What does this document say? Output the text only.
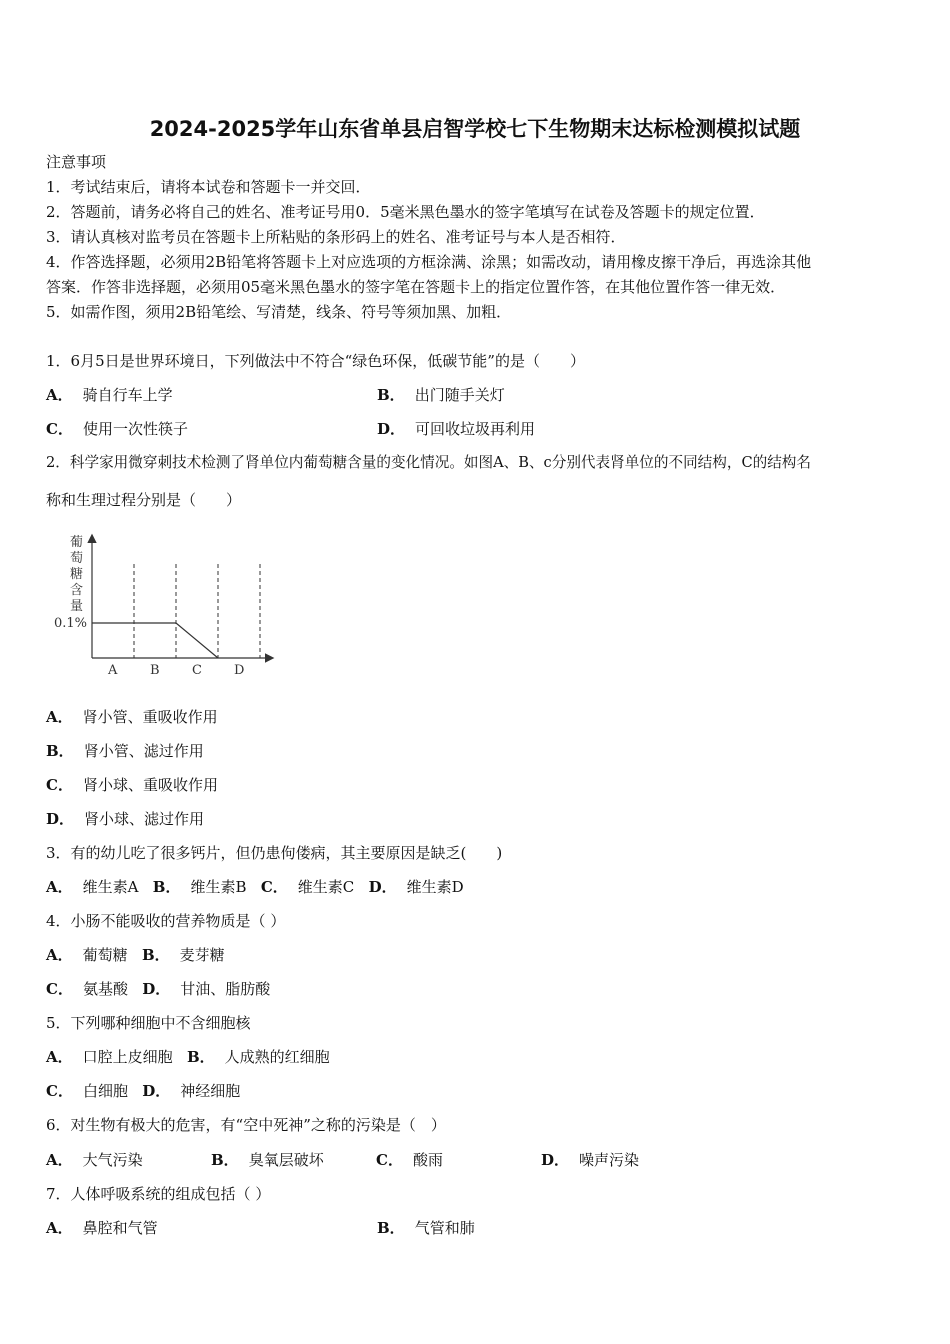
2024-2025学年山东省单县启智学校七下生物期末达标检测模拟试题
注意事项
1．考试结束后，请将本试卷和答题卡一并交回．
2．答题前，请务必将自己的姓名、准考证号用0．5毫米黑色墨水的签字笔填写在试卷及答题卡的规定位置．
3．请认真核对监考员在答题卡上所粘贴的条形码上的姓名、准考证号与本人是否相符．
4．作答选择题，必须用2B铅笔将答题卡上对应选项的方框涂满、涂黑；如需改动，请用橡皮擦干净后，再选涂其他
答案．作答非选择题，必须用05毫米黑色墨水的签字笔在答题卡上的指定位置作答，在其他位置作答一律无效．
5．如需作图，须用2B铅笔绘、写清楚，线条、符号等须加黑、加粗．
1．6月5日是世界环境日，下列做法中不符合“绿色环保，低碳节能”的是（　　）
A． 骑自行车上学	B． 出门随手关灯
C． 使用一次性筷子	D． 可回收垃圾再利用
2．科学家用微穿刺技术检测了肾单位内葡萄糖含量的变化情况。如图A、B、c分别代表肾单位的不同结构，C的结构名
称和生理过程分别是（　　）
葡萄糖含量
0.1%
A	B C D
A． 肾小管、重吸收作用
B． 肾小管、滤过作用
C． 肾小球、重吸收作用
D． 肾小球、滤过作用
3．有的幼儿吃了很多钙片，但仍患佝偻病，其主要原因是缺乏(　　)
A． 维生素A B． 维生素B C． 维生素C D． 维生素D
4．小肠不能吸收的营养物质是（ ）
A． 葡萄糖 B． 麦芽糖
C． 氨基酸 D． 甘油、脂肪酸
5．下列哪种细胞中不含细胞核
A． 口腔上皮细胞 B． 人成熟的红细胞
C． 白细胞 D． 神经细胞
6．对生物有极大的危害，有“空中死神”之称的污染是（　）
A． 大气污染	B． 臭氧层破坏	C． 酸雨	D． 噪声污染
7．人体呼吸系统的组成包括（ ）
A． 鼻腔和气管	B． 气管和肺
